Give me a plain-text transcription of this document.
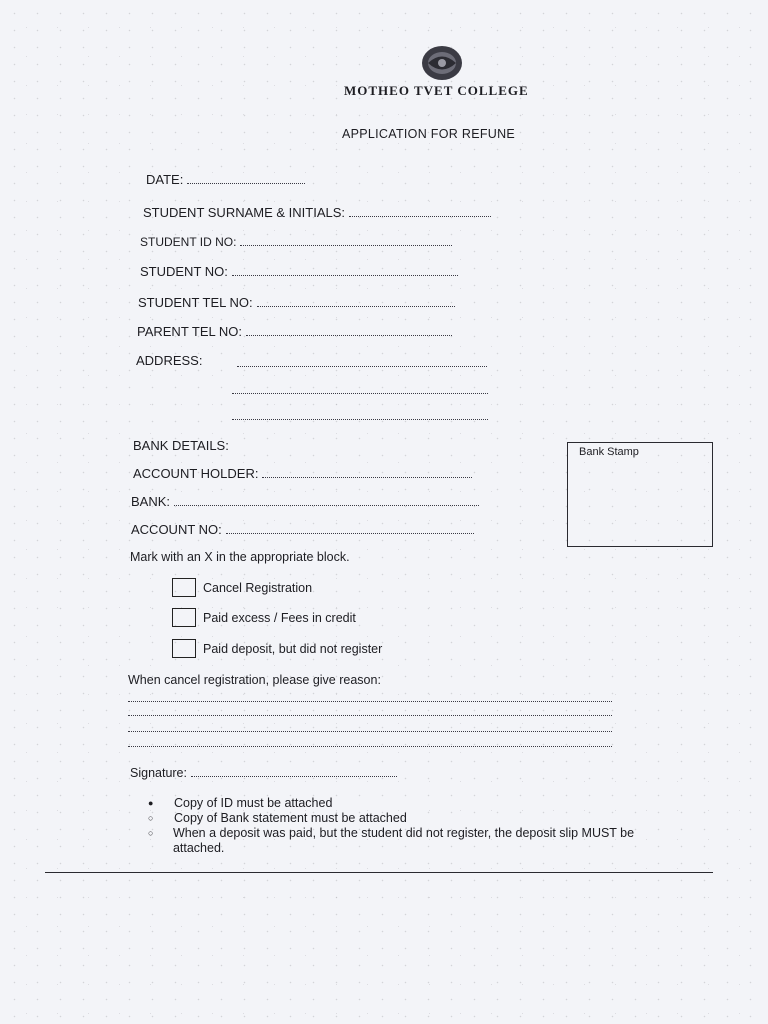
MOTHEO TVET COLLEGE
APPLICATION FOR REFUNE
DATE:
STUDENT SURNAME & INITIALS:
STUDENT ID NO:
STUDENT NO:
STUDENT TEL NO:
PARENT TEL NO:
ADDRESS:
BANK DETAILS:
ACCOUNT HOLDER:
BANK:
ACCOUNT NO:
Bank Stamp
Mark with an X in the appropriate block.
Cancel Registration
Paid excess / Fees in credit
Paid deposit, but did not register
When cancel registration, please give reason:
Signature:
●	Copy of ID must be attached
○	Copy of Bank statement must be attached
○	When a deposit was paid, but the student did not register, the deposit slip MUST be attached.
